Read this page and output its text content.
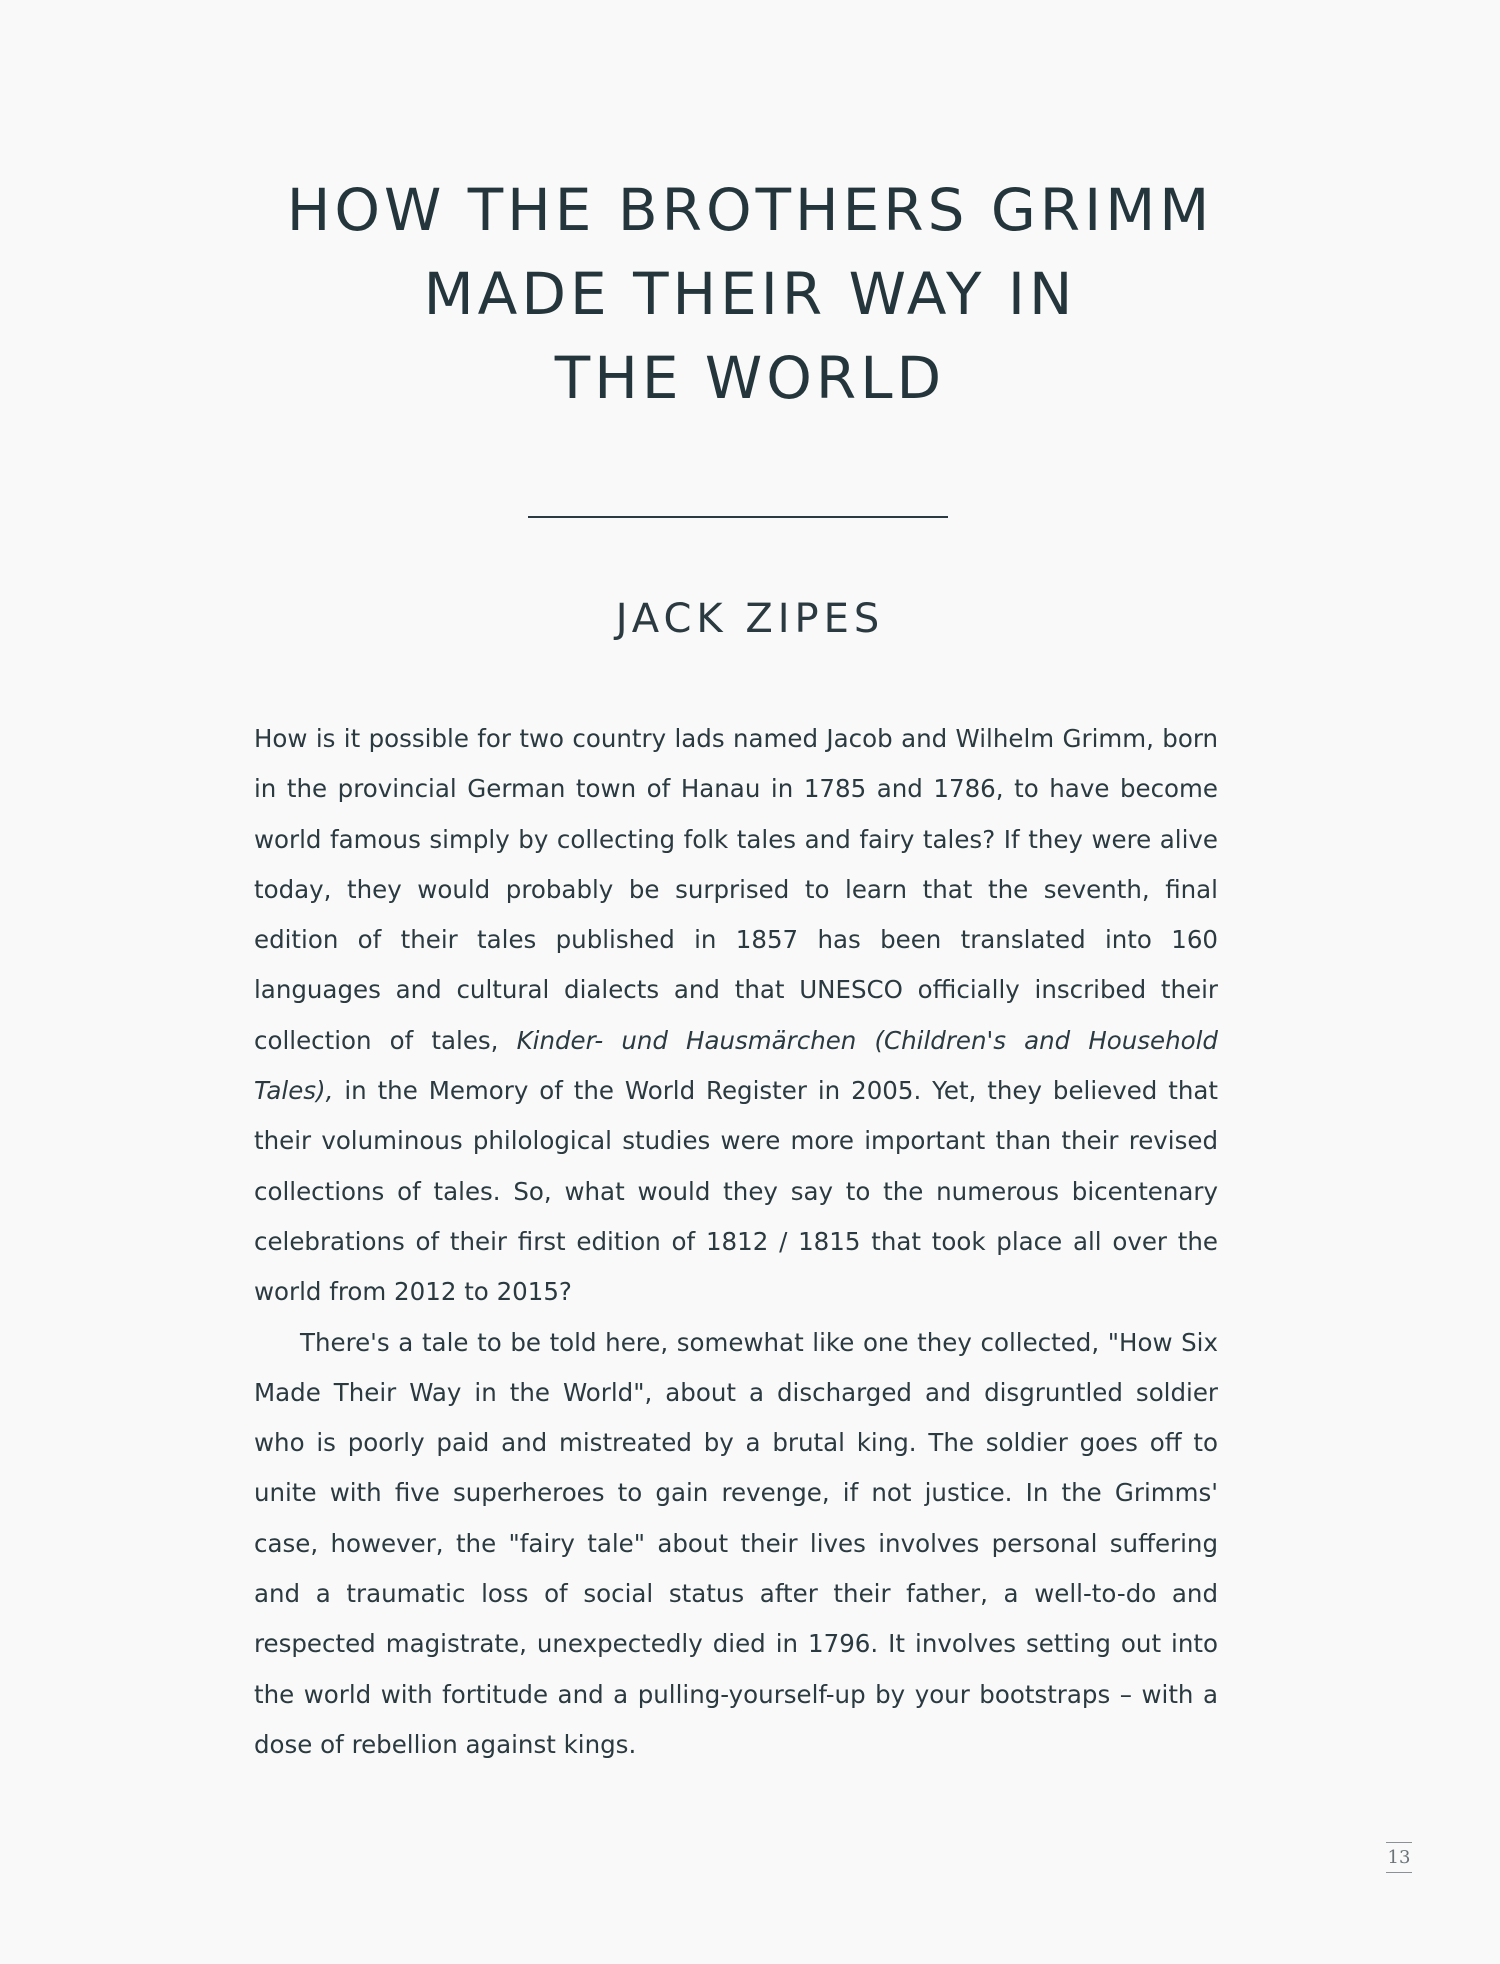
HOW THE BROTHERS GRIMM
MADE THEIR WAY IN
THE WORLD
JACK ZIPES

How is it possible for two country lads named Jacob and Wilhelm Grimm, born in the provincial German town of Hanau in 1785 and 1786, to have become world famous simply by collecting folk tales and fairy tales? If they were alive today, they would probably be surprised to learn that the seventh, final edition of their tales published in 1857 has been translated into 160 languages and cultural dialects and that UNESCO officially inscribed their collection of tales, Kinder- und Hausmärchen (Children's and Household Tales), in the Memory of the World Register in 2005. Yet, they believed that their voluminous philological studies were more important than their revised collections of tales. So, what would they say to the numerous bicentenary celebrations of their first edition of 1812 / 1815 that took place all over the world from 2012 to 2015?

There's a tale to be told here, somewhat like one they collected, "How Six Made Their Way in the World", about a discharged and disgruntled soldier who is poorly paid and mistreated by a brutal king. The soldier goes off to unite with five superheroes to gain revenge, if not justice. In the Grimms' case, however, the "fairy tale" about their lives involves personal suffering and a traumatic loss of social status after their father, a well-to-do and respected magistrate, unexpectedly died in 1796. It involves setting out into the world with fortitude and a pulling-yourself-up by your bootstraps – with a dose of rebellion against kings.

13
